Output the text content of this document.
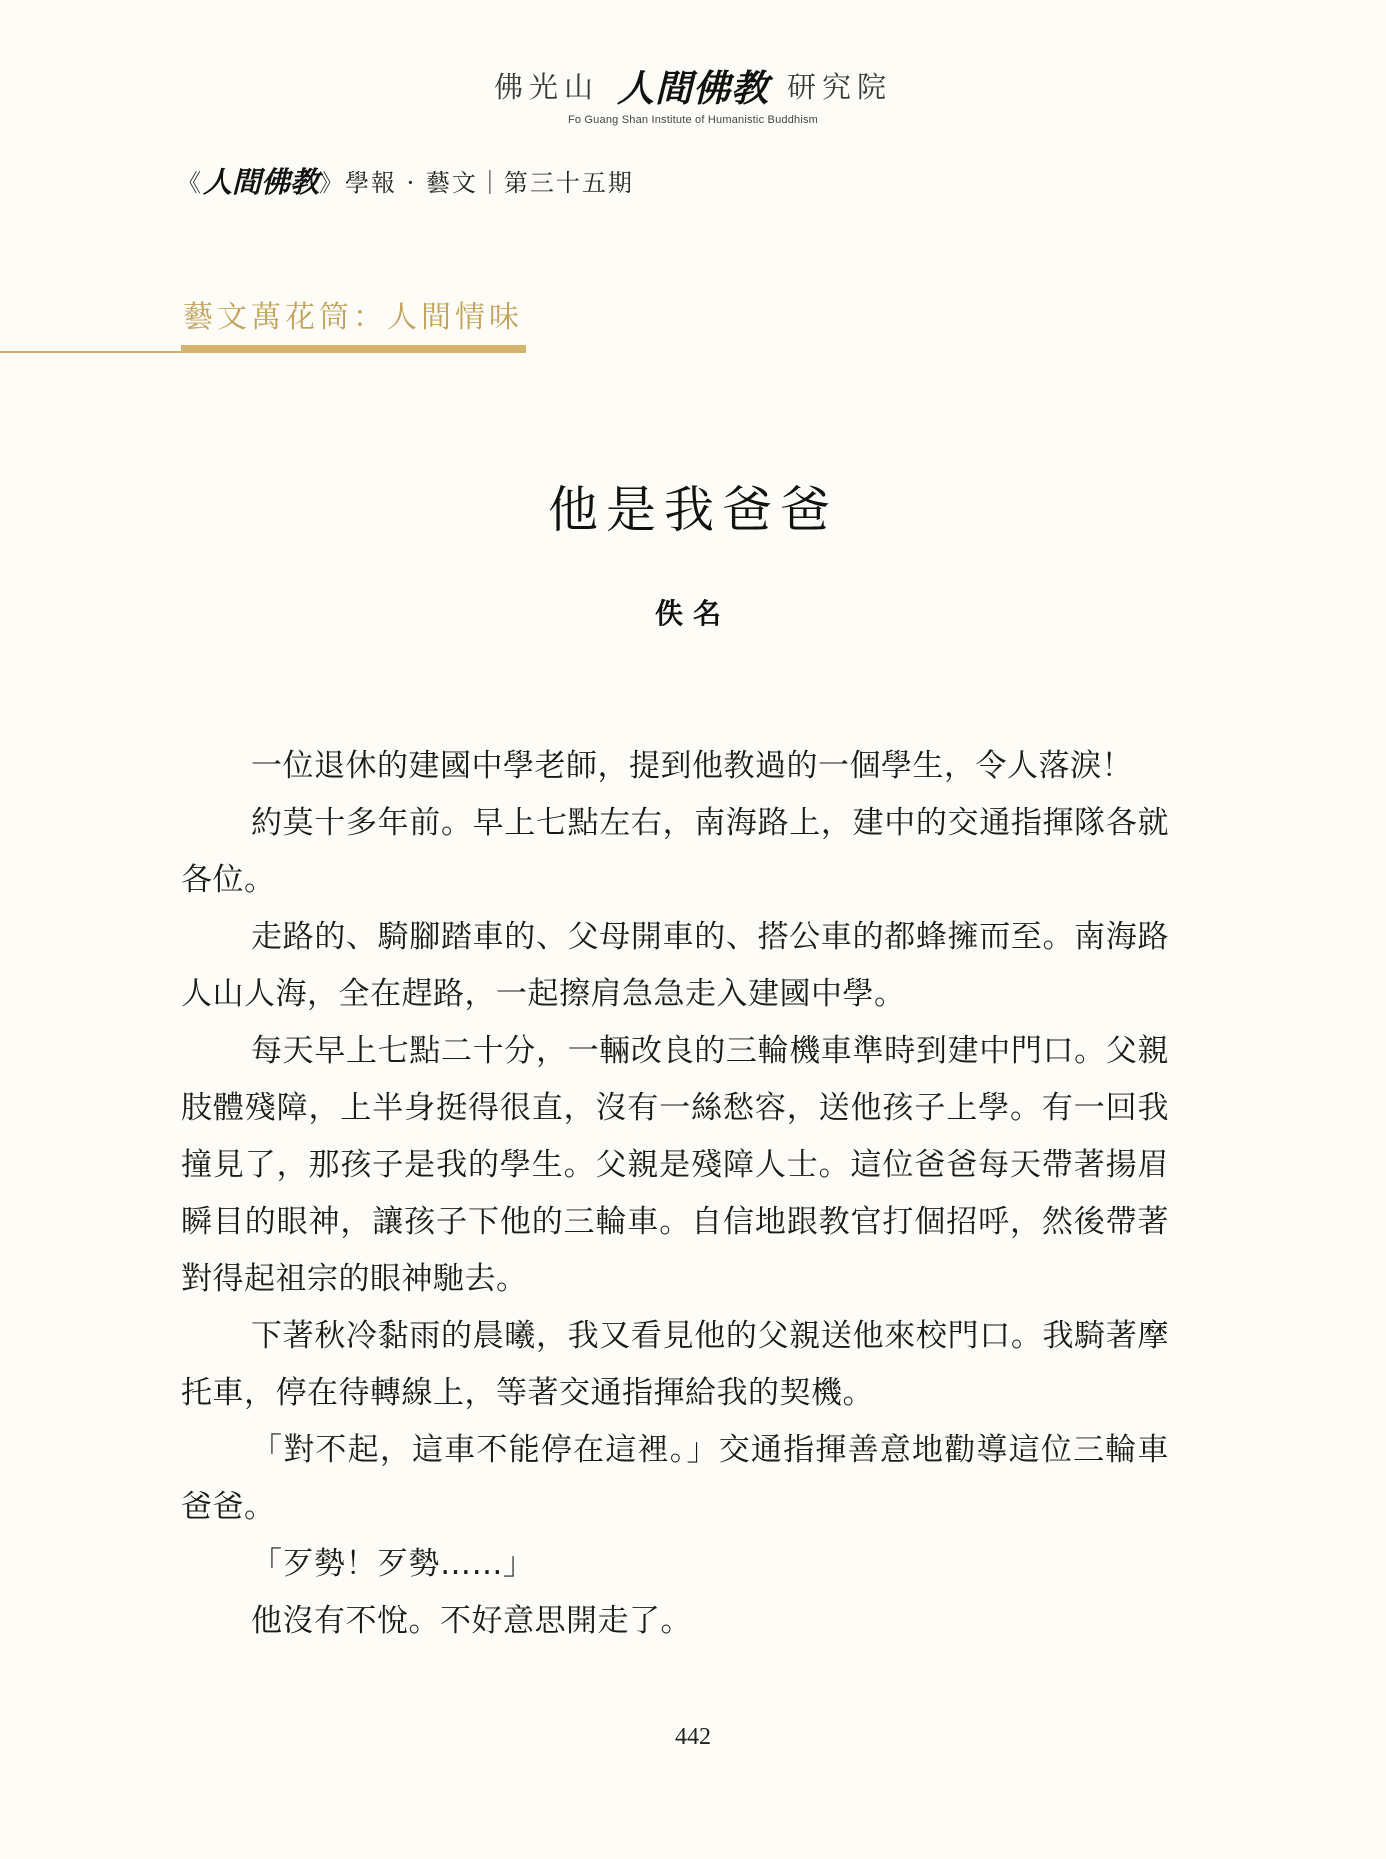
佛光山 人間佛教 研究院
Fo Guang Shan Institute of Humanistic Buddhism
《 人間佛教 》學報 · 藝文｜第三十五期
藝文萬花筒：人間情味
他是我爸爸
佚名

一位退休的建國中學老師，提到他教過的一個學生，令人落淚！

約莫十多年前。早上七點左右，南海路上，建中的交通指揮隊各就各位。

走路的、騎腳踏車的、父母開車的、搭公車的都蜂擁而至。南海路人山人海，全在趕路，一起擦肩急急走入建國中學。

每天早上七點二十分，一輛改良的三輪機車準時到建中門口。父親肢體殘障，上半身挺得很直，沒有一絲愁容，送他孩子上學。有一回我撞見了，那孩子是我的學生。父親是殘障人士。這位爸爸每天帶著揚眉瞬目的眼神，讓孩子下他的三輪車。自信地跟教官打個招呼，然後帶著對得起祖宗的眼神馳去。

下著秋冷黏雨的晨曦，我又看見他的父親送他來校門口。我騎著摩托車，停在待轉線上，等著交通指揮給我的契機。

「對不起，這車不能停在這裡。」交通指揮善意地勸導這位三輪車爸爸。

「歹勢！歹勢……」

他沒有不悅。不好意思開走了。

442
